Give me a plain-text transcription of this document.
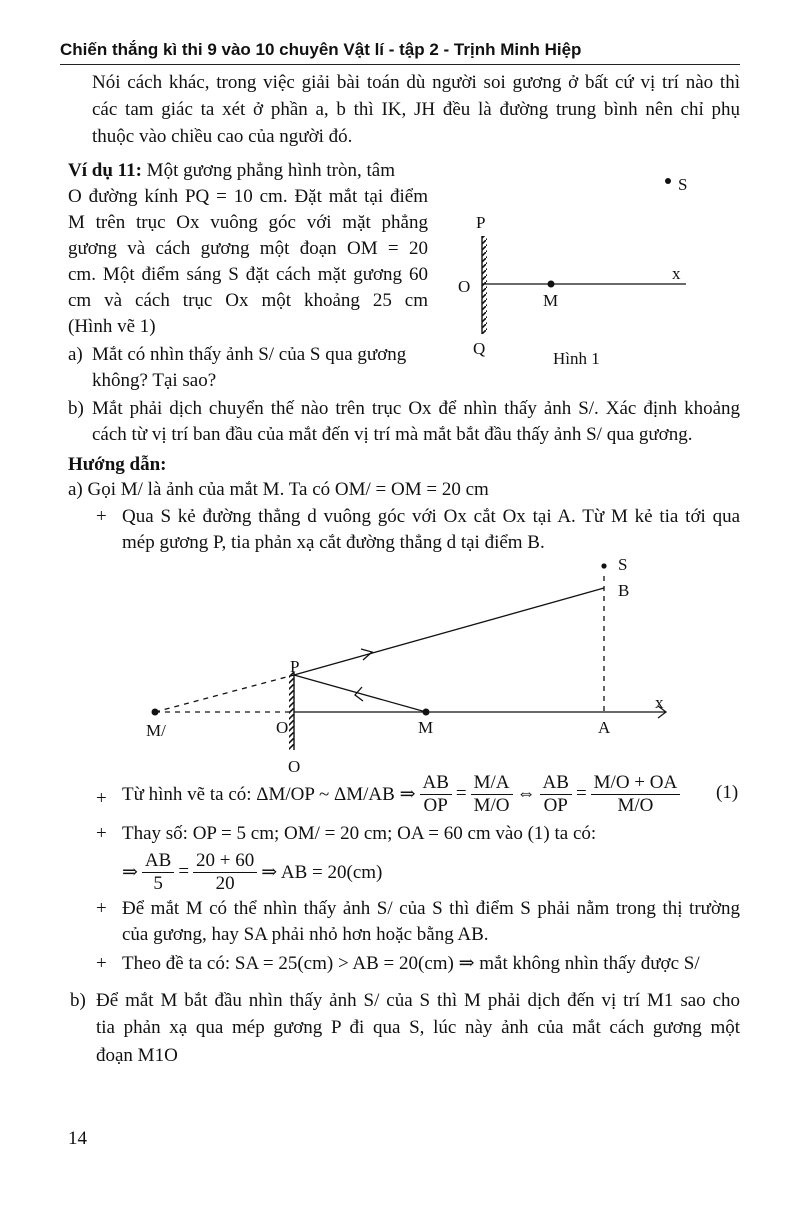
Chiến thắng kì thi 9 vào 10 chuyên Vật lí - tập 2 - Trịnh Minh Hiệp
Nói cách khác, trong việc giải bài toán dù người soi gương ở bất cứ vị trí nào thì
các tam giác ta xét ở phần a, b thì IK, JH đều là đường trung bình nên chỉ phụ
thuộc vào chiều cao của người đó.
Ví dụ 11: Một gương phẳng hình tròn, tâm
O đường kính PQ = 10 cm. Đặt mắt tại điểm
M trên trục Ox vuông góc với mặt phẳng
gương và cách gương một đoạn OM = 20
cm. Một điểm sáng S đặt cách mặt gương 60
cm và cách trục Ox một khoảng 25 cm
(Hình vẽ 1)
a) Mắt có nhìn thấy ảnh S/ của S qua gương
không? Tại sao?
b) Mắt phải dịch chuyển thế nào trên trục Ox để nhìn thấy ảnh S/. Xác định khoảng
cách từ vị trí ban đầu của mắt đến vị trí mà mắt bắt đầu thấy ảnh S/ qua gương.
Hướng dẫn:
a) Gọi M/ là ảnh của mắt M. Ta có OM/ = OM = 20 cm
+ Qua S kẻ đường thẳng d vuông góc với Ox cắt Ox tại A. Từ M kẻ tia tới qua
mép gương P, tia phản xạ cắt đường thẳng d tại điểm B.
S
P
O
M
x
Q
Hình 1
S
B
x
P
M/	O
O
M	A
+ Từ hình vẽ ta có: ΔM/OP ~ ΔM/AB ⇒ $\frac{AB}{OP} = \frac{M/A}{M/O}$ ⇔ $\frac{AB}{OP} = \frac{M/O + OA}{M/O} (1)$
+ Thay số: OP = 5 cm; OM/ = 20 cm; OA = 60 cm vào (1) ta có:
⇒ $\frac{AB}{5} = \frac{20 + 60}{20}$ ⇒ AB = 20(cm)
+ Để mắt M có thể nhìn thấy ảnh S/ của S thì điểm S phải nằm trong thị trường
của gương, hay SA phải nhỏ hơn hoặc bằng AB.
+ Theo đề ta có: SA = 25(cm) > AB = 20(cm) ⇒ mắt không nhìn thấy được S/
b) Để mắt M bắt đầu nhìn thấy ảnh S/ của S thì M phải dịch đến vị trí M1 sao cho
tia phản xạ qua mép gương P đi qua S, lúc này ảnh của mắt cách gương một
đoạn M1O
14
